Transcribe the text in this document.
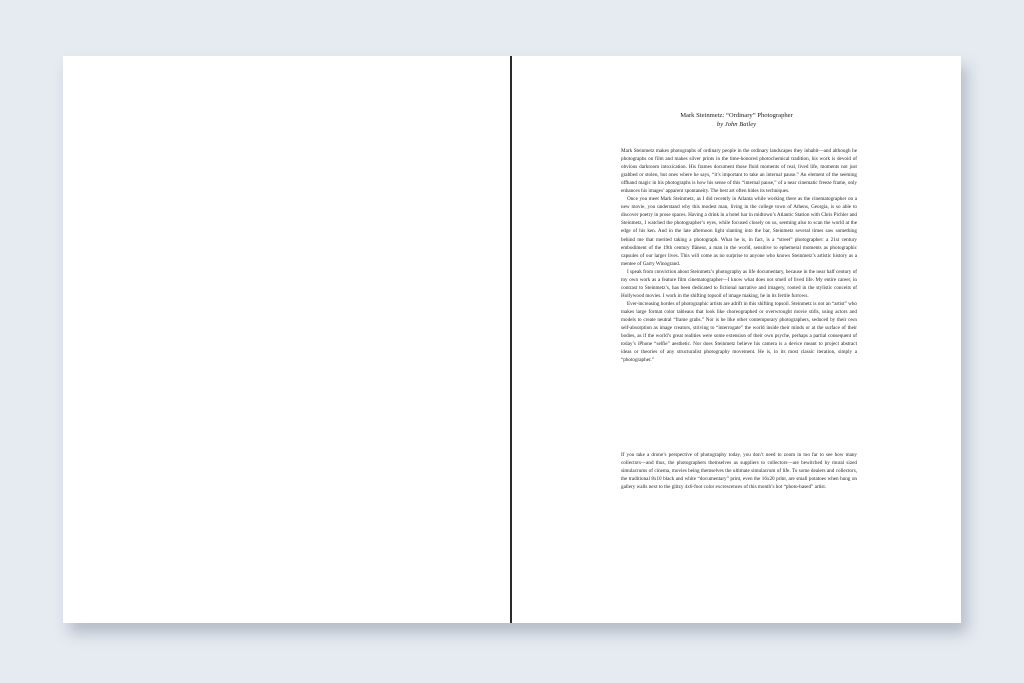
Mark Steinmetz: “Ordinary” Photographer
by John Bailey

Mark Steinmetz makes photographs of ordinary people in the ordinary landscapes they inhabit—and although he photographs on film and makes silver prints in the time-honored photochemical tradition, his work is devoid of obvious darkroom intoxication. His frames document those fluid moments of real, lived life, moments not just grabbed or stolen, but ones where he says, “it’s important to take an internal pause.” An element of the seeming offhand magic in his photographs is how his sense of this “internal pause,” of a near cinematic freeze frame, only enhances his images’ apparent spontaneity. The best art often hides its techniques.

Once you meet Mark Steinmetz, as I did recently in Atlanta while working there as the cinematographer on a new movie, you understand why this modest man, living in the college town of Athens, Georgia, is so able to discover poetry in prose spaces. Having a drink in a hotel bar in midtown’s Atlantic Station with Chris Pichler and Steinmetz, I watched the photographer’s eyes, while focused closely on us, seeming also to scan the world at the edge of his ken. And in the late afternoon light slanting into the bar, Steinmetz several times saw something behind me that merited taking a photograph. What he is, in fact, is a “street” photographer: a 21st century embodiment of the 19th century flâneur, a man in the world, sensitive to ephemeral moments as photographic capsules of our larger lives. This will come as no surprise to anyone who knows Steinmetz’s artistic history as a mentee of Garry Winogrand.

I speak from conviction about Steinmetz’s photography as life documentary, because in the near half century of my own work as a feature film cinematographer—I know what does not smell of lived life. My entire career, in contrast to Steinmetz’s, has been dedicated to fictional narrative and imagery, rooted in the stylistic conceits of Hollywood movies. I work in the shifting topsoil of image making, he in its fertile furrows.

Ever-increasing hordes of photographic artists are adrift in this shifting topsoil. Steinmetz is not an “artist” who makes large format color tableaus that look like choreographed or overwrought movie stills, using actors and models to create neutral “frame grabs.” Nor is he like other contemporary photographers, seduced by their own self-absorption as image creators, striving to “interrogate” the world inside their minds or at the surface of their bodies, as if the world’s great realities were some extension of their own psyche, perhaps a partial consequent of today’s iPhone “selfie” aesthetic. Nor does Steinmetz believe his camera is a device meant to project abstract ideas or theories of any structuralist photography movement. He is, in its most classic iteration, simply a “photographer.”

If you take a drone’s perspective of photography today, you don’t need to zoom in too far to see how many collectors—and thus, the photographers themselves as suppliers to collectors—are bewitched by mural sized simulacrums of cinema, movies being themselves the ultimate simulacrum of life. To some dealers and collectors, the traditional 8x10 black and white “documentary” print, even the 16x20 print, are small potatoes when hung on gallery walls next to the glitzy 4x6-foot color excrescences of this month’s hot “photo-based” artist.
